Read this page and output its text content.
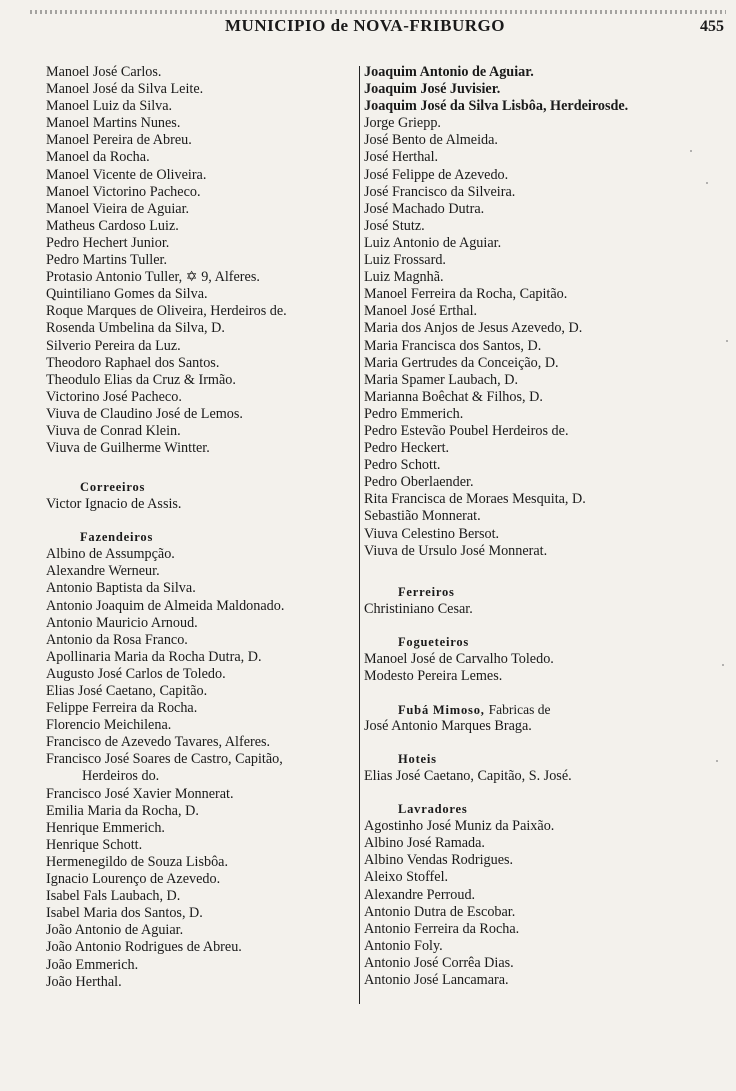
MUNICIPIO de NOVA-FRIBURGO	455
Manoel José Carlos.
Manoel José da Silva Leite.
Manoel Luiz da Silva.
Manoel Martins Nunes.
Manoel Pereira de Abreu.
Manoel da Rocha.
Manoel Vicente de Oliveira.
Manoel Victorino Pacheco.
Manoel Vieira de Aguiar.
Matheus Cardoso Luiz.
Pedro Hechert Junior.
Pedro Martins Tuller.
Protasio Antonio Tuller, ✡ 9, Alferes.
Quintiliano Gomes da Silva.
Roque Marques de Oliveira, Herdeiros de.
Rosenda Umbelina da Silva, D.
Silverio Pereira da Luz.
Theodoro Raphael dos Santos.
Theodulo Elias da Cruz & Irmão.
Victorino José Pacheco.
Viuva de Claudino José de Lemos.
Viuva de Conrad Klein.
Viuva de Guilherme Wintter.
Correeiros
Victor Ignacio de Assis.
Fazendeiros
Albino de Assumpção.
Alexandre Werneur.
Antonio Baptista da Silva.
Antonio Joaquim de Almeida Maldonado.
Antonio Mauricio Arnoud.
Antonio da Rosa Franco.
Apollinaria Maria da Rocha Dutra, D.
Augusto José Carlos de Toledo.
Elias José Caetano, Capitão.
Felippe Ferreira da Rocha.
Florencio Meichilena.
Francisco de Azevedo Tavares, Alferes.
Francisco José Soares de Castro, Capitão,
Herdeiros do.
Francisco José Xavier Monnerat.
Emilia Maria da Rocha, D.
Henrique Emmerich.
Henrique Schott.
Hermenegildo de Souza Lisbôa.
Ignacio Lourenço de Azevedo.
Isabel Fals Laubach, D.
Isabel Maria dos Santos, D.
João Antonio de Aguiar.
João Antonio Rodrigues de Abreu.
João Emmerich.
João Herthal.
Joaquim Antonio de Aguiar.
Joaquim José Juvisier.
Joaquim José da Silva Lisbôa, Herdeirosde.
Jorge Griepp.
José Bento de Almeida.
José Herthal.
José Felippe de Azevedo.
José Francisco da Silveira.
José Machado Dutra.
José Stutz.
Luiz Antonio de Aguiar.
Luiz Frossard.
Luiz Magnhã.
Manoel Ferreira da Rocha, Capitão.
Manoel José Erthal.
Maria dos Anjos de Jesus Azevedo, D.
Maria Francisca dos Santos, D.
Maria Gertrudes da Conceição, D.
Maria Spamer Laubach, D.
Marianna Boêchat & Filhos, D.
Pedro Emmerich.
Pedro Estevão Poubel Herdeiros de.
Pedro Heckert.
Pedro Schott.
Pedro Oberlaender.
Rita Francisca de Moraes Mesquita, D.
Sebastião Monnerat.
Viuva Celestino Bersot.
Viuva de Ursulo José Monnerat.
Ferreiros
Christiniano Cesar.
Fogueteiros
Manoel José de Carvalho Toledo.
Modesto Pereira Lemes.
Fubá Mimoso, Fabricas de
José Antonio Marques Braga.
Hoteis
Elias José Caetano, Capitão, S. José.
Lavradores
Agostinho José Muniz da Paixão.
Albino José Ramada.
Albino Vendas Rodrigues.
Aleixo Stoffel.
Alexandre Perroud.
Antonio Dutra de Escobar.
Antonio Ferreira da Rocha.
Antonio Foly.
Antonio José Corrêa Dias.
Antonio José Lancamara.
